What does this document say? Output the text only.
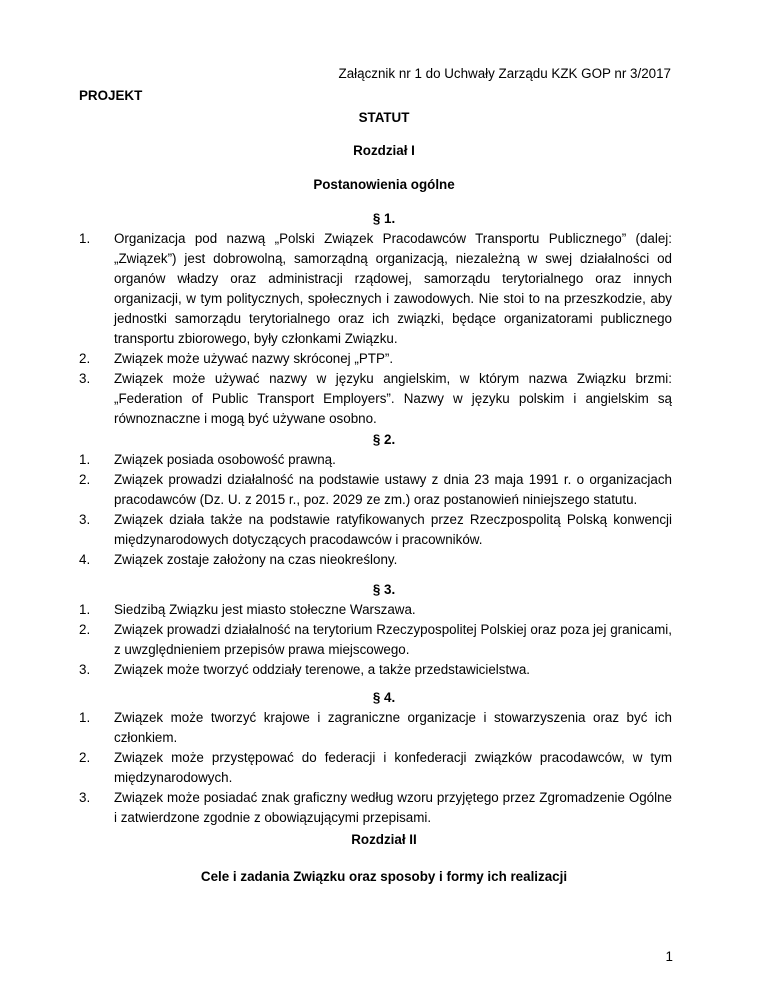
Załącznik nr 1 do Uchwały Zarządu KZK GOP nr 3/2017
PROJEKT
STATUT
Rozdział I
Postanowienia ogólne
§ 1.
1. Organizacja pod nazwą „Polski Związek Pracodawców Transportu Publicznego” (dalej: „Związek”) jest dobrowolną, samorządną organizacją, niezależną w swej działalności od organów władzy oraz administracji rządowej, samorządu terytorialnego oraz innych organizacji, w tym politycznych, społecznych i zawodowych. Nie stoi to na przeszkodzie, aby jednostki samorządu terytorialnego oraz ich związki, będące organizatorami publicznego transportu zbiorowego, były członkami Związku.
2. Związek może używać nazwy skróconej „PTP”.
3. Związek może używać nazwy w języku angielskim, w którym nazwa Związku brzmi: „Federation of Public Transport Employers”. Nazwy w języku polskim i angielskim są równoznaczne i mogą być używane osobno.
§ 2.
1. Związek posiada osobowość prawną.
2. Związek prowadzi działalność na podstawie ustawy z dnia 23 maja 1991 r. o organizacjach pracodawców (Dz. U. z 2015 r., poz. 2029 ze zm.) oraz postanowień niniejszego statutu.
3. Związek działa także na podstawie ratyfikowanych przez Rzeczpospolitą Polską konwencji międzynarodowych dotyczących pracodawców i pracowników.
4. Związek zostaje założony na czas nieokreślony.
§ 3.
1. Siedzibą Związku jest miasto stołeczne Warszawa.
2. Związek prowadzi działalność na terytorium Rzeczypospolitej Polskiej oraz poza jej granicami, z uwzględnieniem przepisów prawa miejscowego.
3. Związek może tworzyć oddziały terenowe, a także przedstawicielstwa.
§ 4.
1. Związek może tworzyć krajowe i zagraniczne organizacje i stowarzyszenia oraz być ich członkiem.
2. Związek może przystępować do federacji i konfederacji związków pracodawców, w tym międzynarodowych.
3. Związek może posiadać znak graficzny według wzoru przyjętego przez Zgromadzenie Ogólne i zatwierdzone zgodnie z obowiązującymi przepisami.
Rozdział II
Cele i zadania Związku oraz sposoby i formy ich realizacji
1
